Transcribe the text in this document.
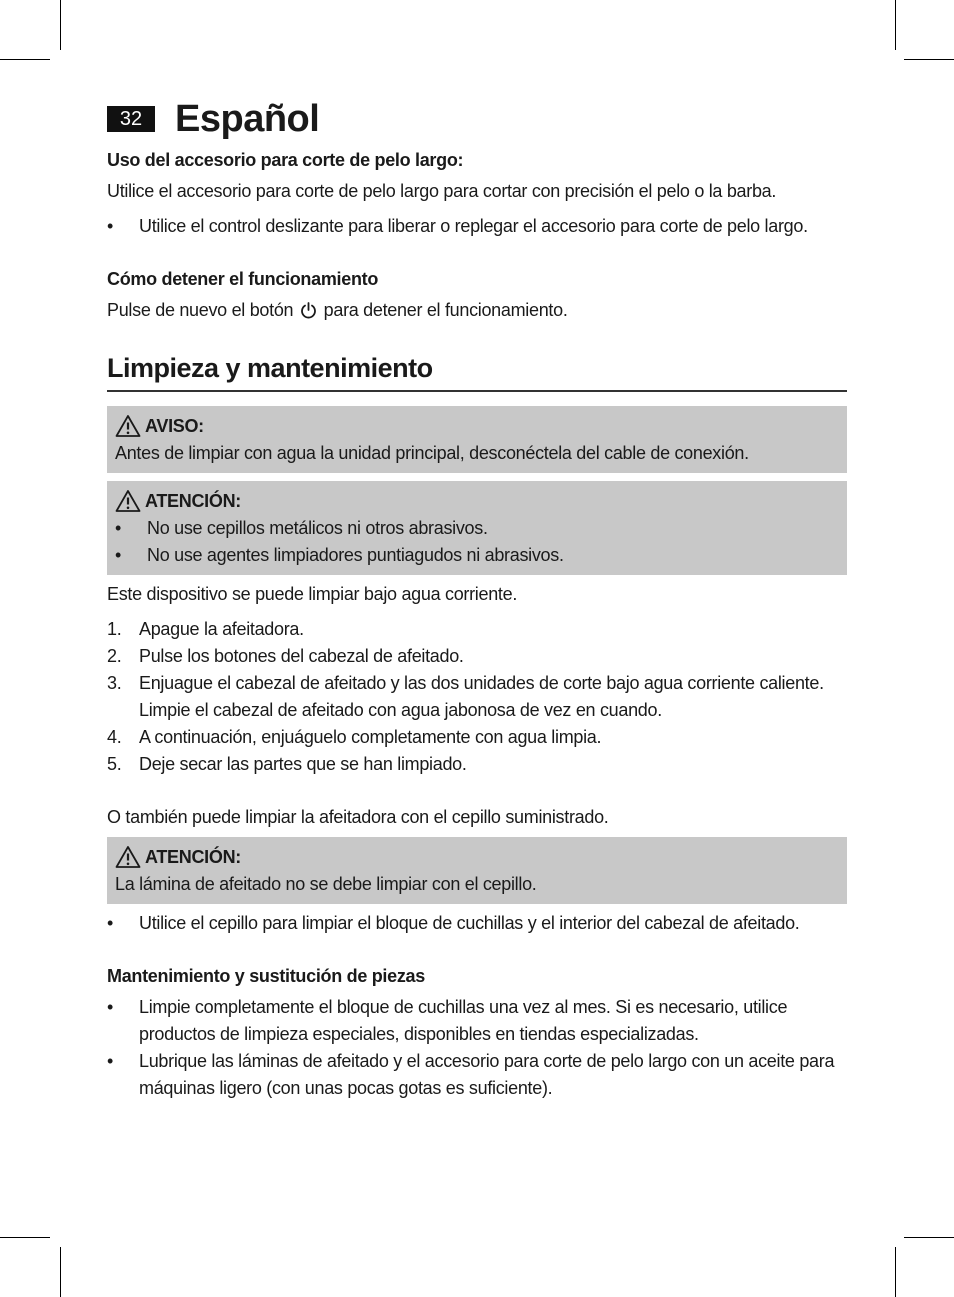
32 Español

Uso del accesorio para corte de pelo largo:

Utilice el accesorio para corte de pelo largo para cortar con precisión el pelo o la barba.

• Utilice el control deslizante para liberar o replegar el accesorio para corte de pelo largo.

Cómo detener el funcionamiento

Pulse de nuevo el botón para detener el funcionamiento.

Limpieza y mantenimiento
AVISO:

Antes de limpiar con agua la unidad principal, desconéctela del cable de conexión.

ATENCIÓN:
• No use cepillos metálicos ni otros abrasivos.
• No use agentes limpiadores puntiagudos ni abrasivos.

Este dispositivo se puede limpiar bajo agua corriente.

1. Apague la afeitadora.
2. Pulse los botones del cabezal de afeitado.
3. Enjuague el cabezal de afeitado y las dos unidades de corte bajo agua corriente caliente. Limpie el cabezal de afeitado con agua jabonosa de vez en cuando.
4. A continuación, enjuáguelo completamente con agua limpia.
5. Deje secar las partes que se han limpiado.

O también puede limpiar la afeitadora con el cepillo suministrado.

ATENCIÓN:

La lámina de afeitado no se debe limpiar con el cepillo.

• Utilice el cepillo para limpiar el bloque de cuchillas y el interior del cabezal de afeitado.

Mantenimiento y sustitución de piezas

• Limpie completamente el bloque de cuchillas una vez al mes. Si es necesario, utilice productos de limpieza especiales, disponibles en tiendas especializadas.
• Lubrique las láminas de afeitado y el accesorio para corte de pelo largo con un aceite para máquinas ligero (con unas pocas gotas es suficiente).
